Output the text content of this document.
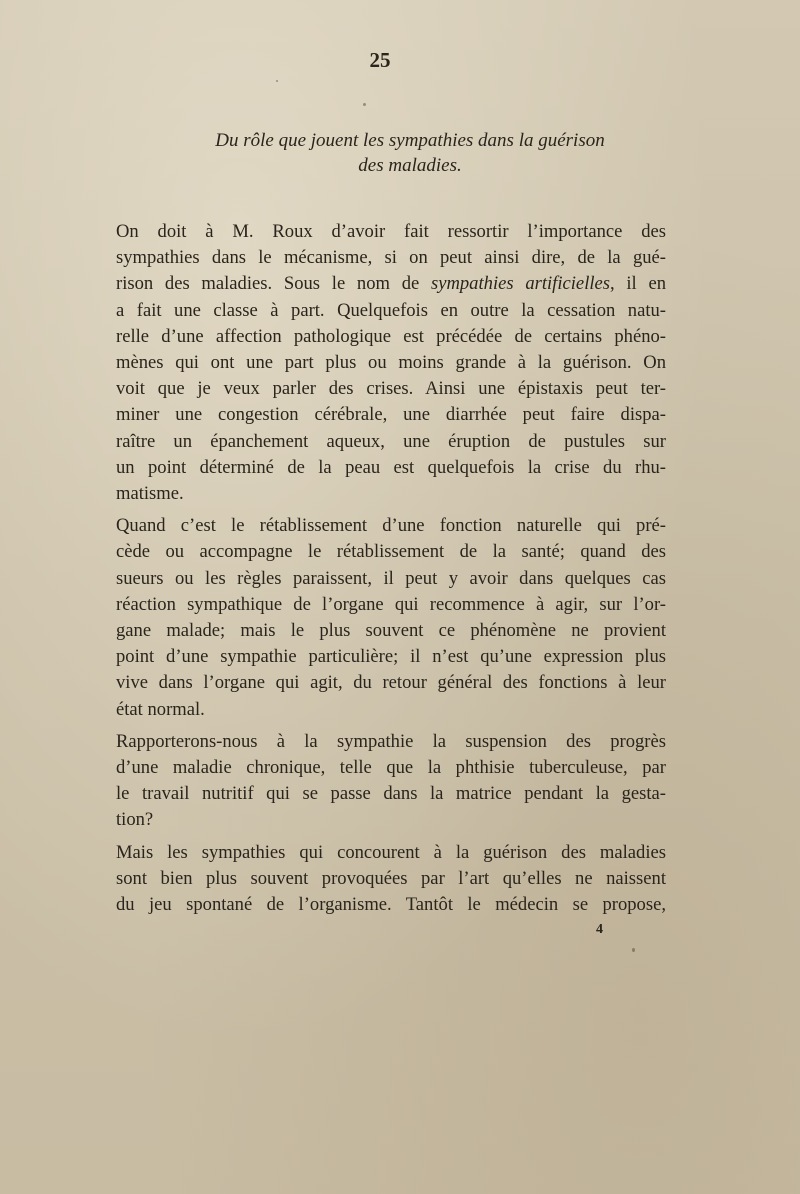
25
Du rôle que jouent les sympathies dans la guérison
des maladies.

On doit à M. Roux d’avoir fait ressortir l’importance des
sympathies dans le mécanisme, si on peut ainsi dire, de la gué-
rison des maladies. Sous le nom de sympathies artificielles, il en
a fait une classe à part. Quelquefois en outre la cessation natu-
relle d’une affection pathologique est précédée de certains phéno-
mènes qui ont une part plus ou moins grande à la guérison. On
voit que je veux parler des crises. Ainsi une épistaxis peut ter-
miner une congestion cérébrale, une diarrhée peut faire dispa-
raître un épanchement aqueux, une éruption de pustules sur
un point déterminé de la peau est quelquefois la crise du rhu-
matisme.

Quand c’est le rétablissement d’une fonction naturelle qui pré-
cède ou accompagne le rétablissement de la santé; quand des
sueurs ou les règles paraissent, il peut y avoir dans quelques cas
réaction sympathique de l’organe qui recommence à agir, sur l’or-
gane malade; mais le plus souvent ce phénomène ne provient
point d’une sympathie particulière; il n’est qu’une expression plus
vive dans l’organe qui agit, du retour général des fonctions à leur
état normal.

Rapporterons-nous à la sympathie la suspension des progrès
d’une maladie chronique, telle que la phthisie tuberculeuse, par
le travail nutritif qui se passe dans la matrice pendant la gesta-
tion?

Mais les sympathies qui concourent à la guérison des maladies
sont bien plus souvent provoquées par l’art qu’elles ne naissent
du jeu spontané de l’organisme. Tantôt le médecin se propose,

4
